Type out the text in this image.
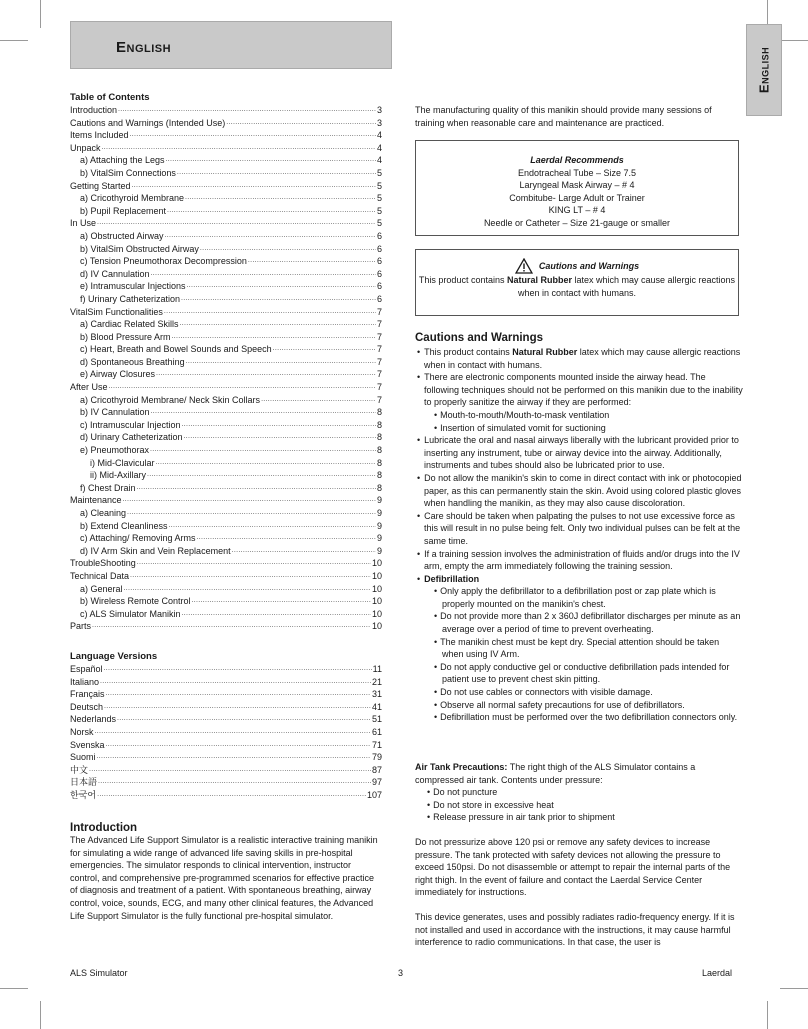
English	English
Table of Contents
Introduction .....	3
Cautions and Warnings (Intended Use) .....	3
Items Included .....	4
Unpack .....	4
a) Attaching the Legs .....	4
b) VitalSim Connections .....	5
Getting Started .....	5
a) Cricothyroid Membrane .....	5
b) Pupil Replacement .....	5
In Use .....	5
a) Obstructed Airway .....	6
b) VitalSim Obstructed Airway .....	6
c) Tension Pneumothorax Decompression .....	6
d) IV Cannulation .....	6
e) Intramuscular Injections .....	6
f) Urinary Catheterization .....	6
VitalSim Functionalities .....	7
a) Cardiac Related Skills .....	7
b) Blood Pressure Arm .....	7
c) Heart, Breath and Bowel Sounds and Speech .....	7
d) Spontaneous Breathing .....	7
e) Airway Closures .....	7
After Use .....	7
a) Cricothyroid Membrane/ Neck Skin Collars .....	7
b) IV Cannulation .....	8
c) Intramuscular Injection .....	8
d) Urinary Catheterization .....	8
e) Pneumothorax .....	8
i) Mid-Clavicular .....	8
ii) Mid-Axillary .....	8
f) Chest Drain .....	8
Maintenance .....	9
a) Cleaning .....	9
b) Extend Cleanliness .....	9
c) Attaching/ Removing Arms .....	9
d) IV Arm Skin and Vein Replacement .....	9
TroubleShooting .....	10
Technical Data .....	10
a) General .....	10
b) Wireless Remote Control .....	10
c) ALS Simulator Manikin .....	10
Parts .....	10
Language Versions
Español .....	11
Italiano .....	21
Français .....	31
Deutsch .....	41
Nederlands .....	51
Norsk .....	61
Svenska .....	71
Suomi .....	79
中文 .....	87
日本語 .....	97
한국어 .....	107

Introduction

The Advanced Life Support Simulator is a realistic interactive training manikin for simulating a wide range of advanced life saving skills in pre-hospital emergencies. The simulator responds to clinical intervention, instructor control, and comprehensive pre-programmed scenarios for effective practice of diagnosis and treatment of a patient. With spontaneous breathing, airway control, voice, sounds, ECG, and many other clinical features, the Advanced Life Support Simulator is the fully functional pre-hospital simulator.

The manufacturing quality of this manikin should provide many sessions of training when reasonable care and maintenance are practiced.

Laerdal Recommends
Endotracheal Tube – Size 7.5
Laryngeal Mask Airway – # 4
Combitube- Large Adult or Trainer
KING LT – # 4
Needle or Catheter – Size 21-gauge or smaller
Cautions and Warnings
This product contains Natural Rubber latex which may cause allergic reactions when in contact with humans.

Cautions and Warnings

• This product contains Natural Rubber latex which may cause allergic reactions when in contact with humans.
• There are electronic components mounted inside the airway head. The following techniques should not be performed on this manikin due to the inability to properly sanitize the airway if they are performed:
• Mouth-to-mouth/Mouth-to-mask ventilation
• Insertion of simulated vomit for suctioning
• Lubricate the oral and nasal airways liberally with the lubricant provided prior to inserting any instrument, tube or airway device into the airway. Additionally, instruments and tubes should also be lubricated prior to use.
• Do not allow the manikin's skin to come in direct contact with ink or photocopied paper, as this can permanently stain the skin. Avoid using colored plastic gloves when handling the manikin, as they may also cause discoloration.
• Care should be taken when palpating the pulses to not use excessive force as this will result in no pulse being felt. Only two individual pulses can be felt at the same time.
• If a training session involves the administration of fluids and/or drugs into the IV arm, empty the arm immediately following the training session.
• Defibrillation
• Only apply the defibrillator to a defibrillation post or zap plate which is properly mounted on the manikin's chest.
• Do not provide more than 2 x 360J defibrillator discharges per minute as an average over a period of time to prevent overheating.
• The manikin chest must be kept dry. Special attention should be taken when using IV Arm.
• Do not apply conductive gel or conductive defibrillation pads intended for patient use to prevent chest skin pitting.
• Do not use cables or connectors with visible damage.
• Observe all normal safety precautions for use of defibrillators.
• Defibrillation must be performed over the two defibrillation connectors only.

Air Tank Precautions: The right thigh of the ALS Simulator contains a compressed air tank. Contents under pressure:

• Do not puncture
• Do not store in excessive heat
• Release pressure in air tank prior to shipment

Do not pressurize above 120 psi or remove any safety devices to increase pressure. The tank protected with safety devices not allowing the pressure to exceed 150psi. Do not disassemble or attempt to repair the internal parts of the right thigh. In the event of failure and contact the Laerdal Service Center immediately for instructions.

This device generates, uses and possibly radiates radio-frequency energy. If it is not installed and used in accordance with the instructions, it may cause harmful interference to radio communications. In that case, the user is

ALS Simulator	3	Laerdal
